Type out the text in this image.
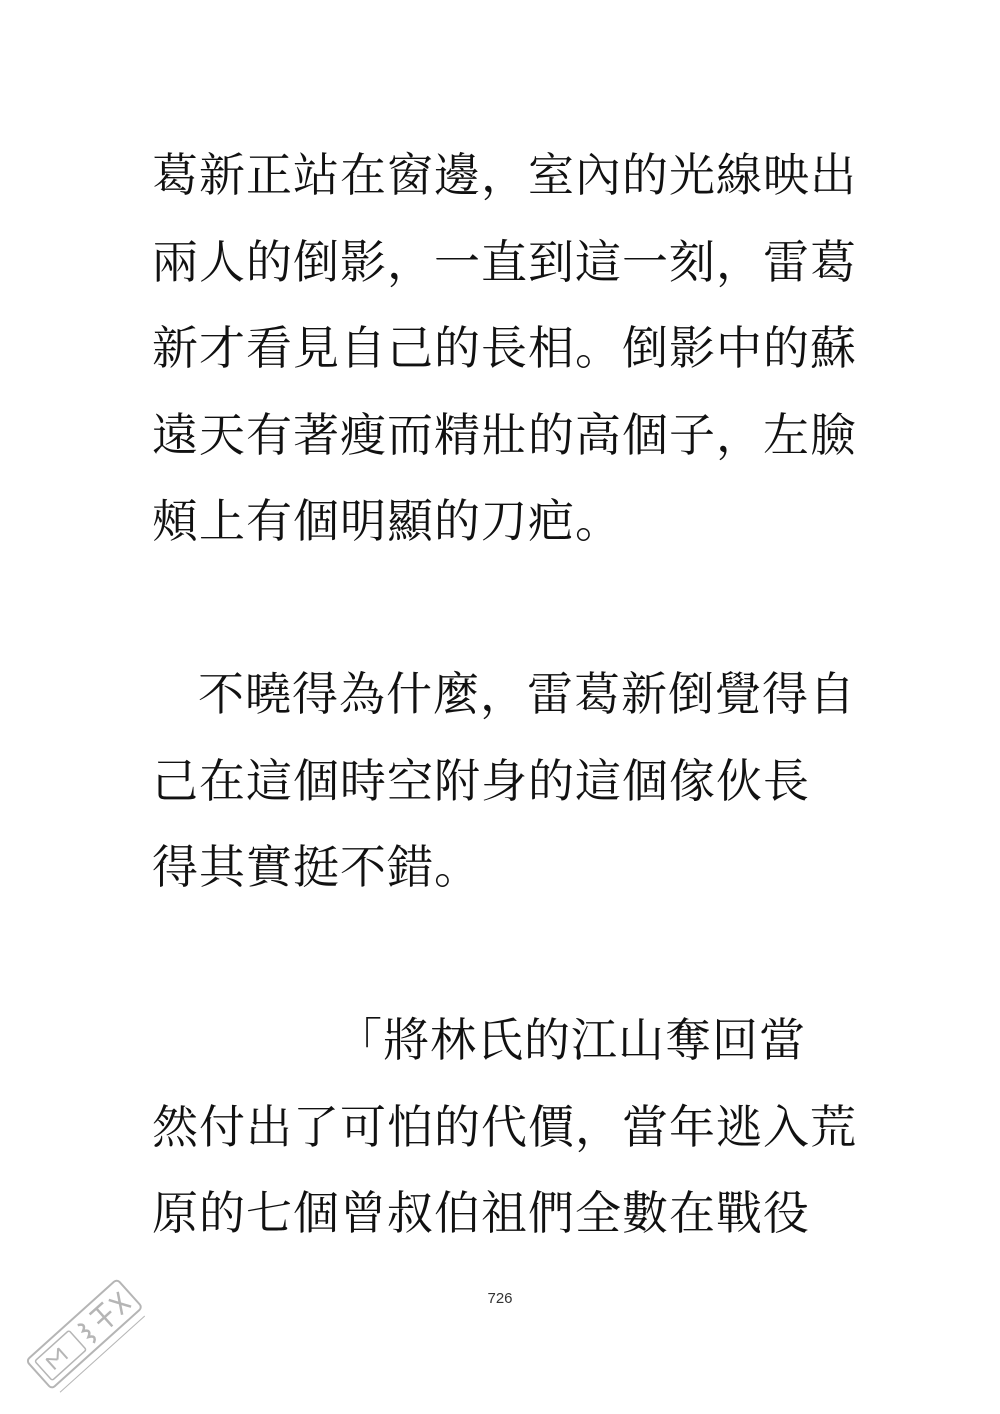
葛新正站在窗邊，室內的光線映出
兩人的倒影，一直到這一刻，雷葛
新才看見自己的長相。倒影中的蘇
遠天有著瘦而精壯的高個子，左臉
頰上有個明顯的刀疤。
不曉得為什麼，雷葛新倒覺得自
己在這個時空附身的這個傢伙長
得其實挺不錯。
「將林氏的江山奪回當
然付出了可怕的代價，當年逃入荒
原的七個曾叔伯祖們全數在戰役
726
